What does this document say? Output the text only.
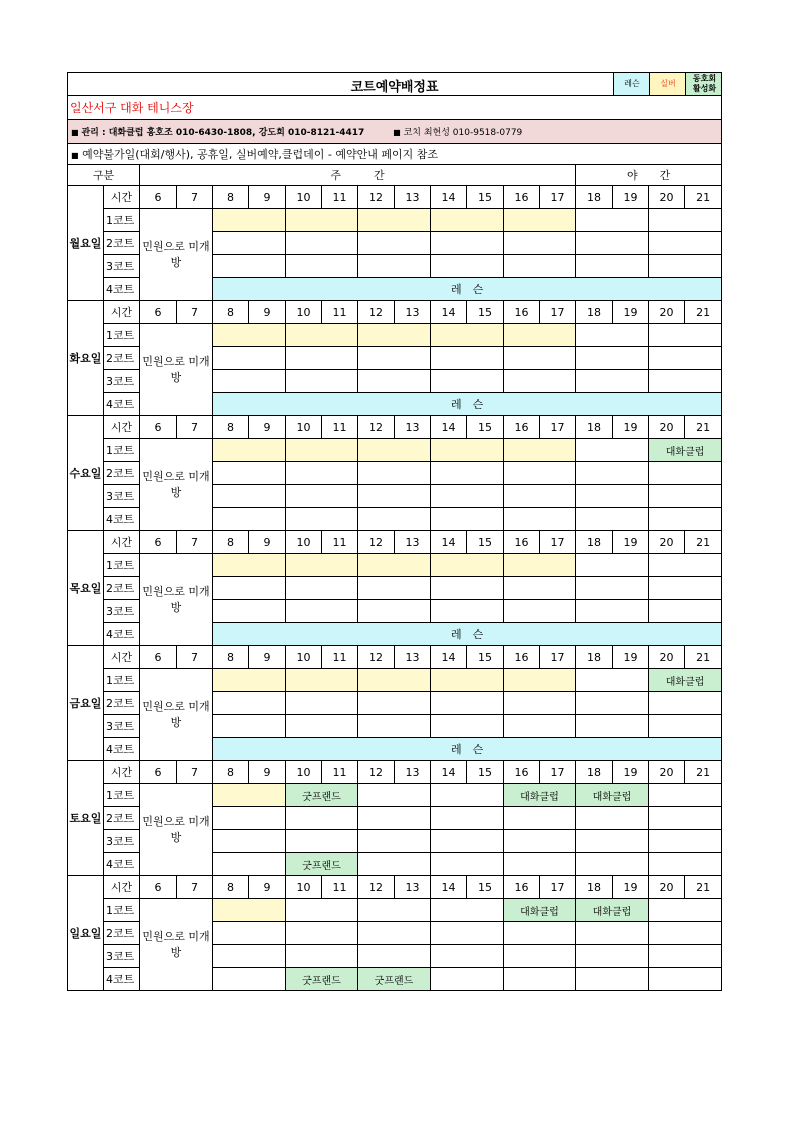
코트예약배정표 레슨 실버
동호회
활성화																	

일산서구 대화 테니스장																	
■ 관리 : 대화클럽 홍호조 010-6430-1808, 강도희 010-8121-4417 ■ 코치 최현성 010-9518-0779																	
■ 예약불가일(대회/행사), 공휴일, 실버예약,클럽데이 - 예약안내 페이지 참조																	
구분		주　　　간												야　　간			
월요일	시간	6	7	8	9	10	11	12	13	14	15	16	17	18	19	20	21
	1코트	민원으로 미개방															
	2코트																
	3코트																
	4코트			레　슨													
화요일	시간	6	7	8	9	10	11	12	13	14	15	16	17	18	19	20	21
	1코트	민원으로 미개방															
	2코트																
	3코트																
	4코트			레　슨													
수요일	시간	6	7	8	9	10	11	12	13	14	15	16	17	18	19	20	21
	1코트	민원으로 미개방														대화클럽	
	2코트																
	3코트																
	4코트																
목요일	시간	6	7	8	9	10	11	12	13	14	15	16	17	18	19	20	21
	1코트	민원으로 미개방															
	2코트																
	3코트																
	4코트			레　슨													
금요일	시간	6	7	8	9	10	11	12	13	14	15	16	17	18	19	20	21
	1코트	민원으로 미개방														대화클럽	
	2코트																
	3코트																
	4코트			레　슨													
토요일	시간	6	7	8	9	10	11	12	13	14	15	16	17	18	19	20	21
	1코트	민원으로 미개방				굿프랜드						대화클럽		대화클럽			
	2코트																
	3코트																
	4코트					굿프랜드											
일요일	시간	6	7	8	9	10	11	12	13	14	15	16	17	18	19	20	21
	1코트	민원으로 미개방										대화클럽		대화클럽			
	2코트																
	3코트																
	4코트					굿프랜드		굿프랜드									
